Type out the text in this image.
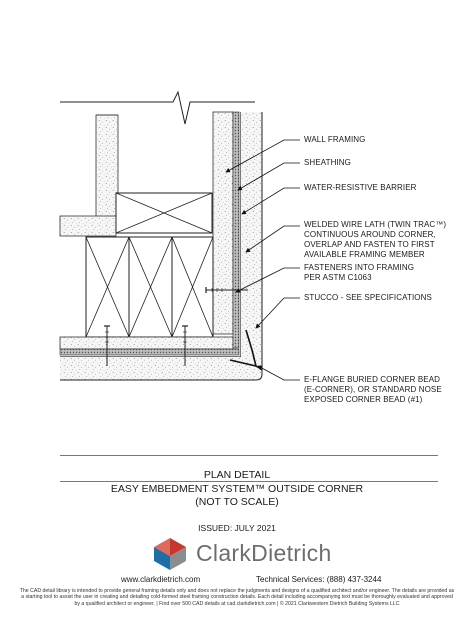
WALL FRAMING
SHEATHING
WATER-RESISTIVE BARRIER
WELDED WIRE LATH (TWIN TRAC™)
CONTINUOUS AROUND CORNER,
OVERLAP AND FASTEN TO FIRST
AVAILABLE FRAMING MEMBER
FASTENERS INTO FRAMING
PER ASTM C1063
STUCCO - SEE SPECIFICATIONS
E-FLANGE BURIED CORNER BEAD
(E-CORNER), OR STANDARD NOSE
EXPOSED CORNER BEAD (#1)
PLAN DETAIL
EASY EMBEDMENT SYSTEM™ OUTSIDE CORNER
(NOT TO SCALE)
ISSUED: JULY 2021
ClarkDietrich
www.clarkdietrich.com	Technical Services: (888) 437-3244
The CAD detail library is intended to provide general framing details only and does not replace the judgments and designs of a qualified architect and/or engineer. The details are provided as
a starting tool to assist the user in creating and detailing cold-formed steel framing construction details. Each detail including accompanying text must be thoroughly evaluated and approved
by a qualified architect or engineer. | Find over 500 CAD details at cad.clarkdietrich.com | © 2021 Clarkwestern Dietrich Building Systems LLC
